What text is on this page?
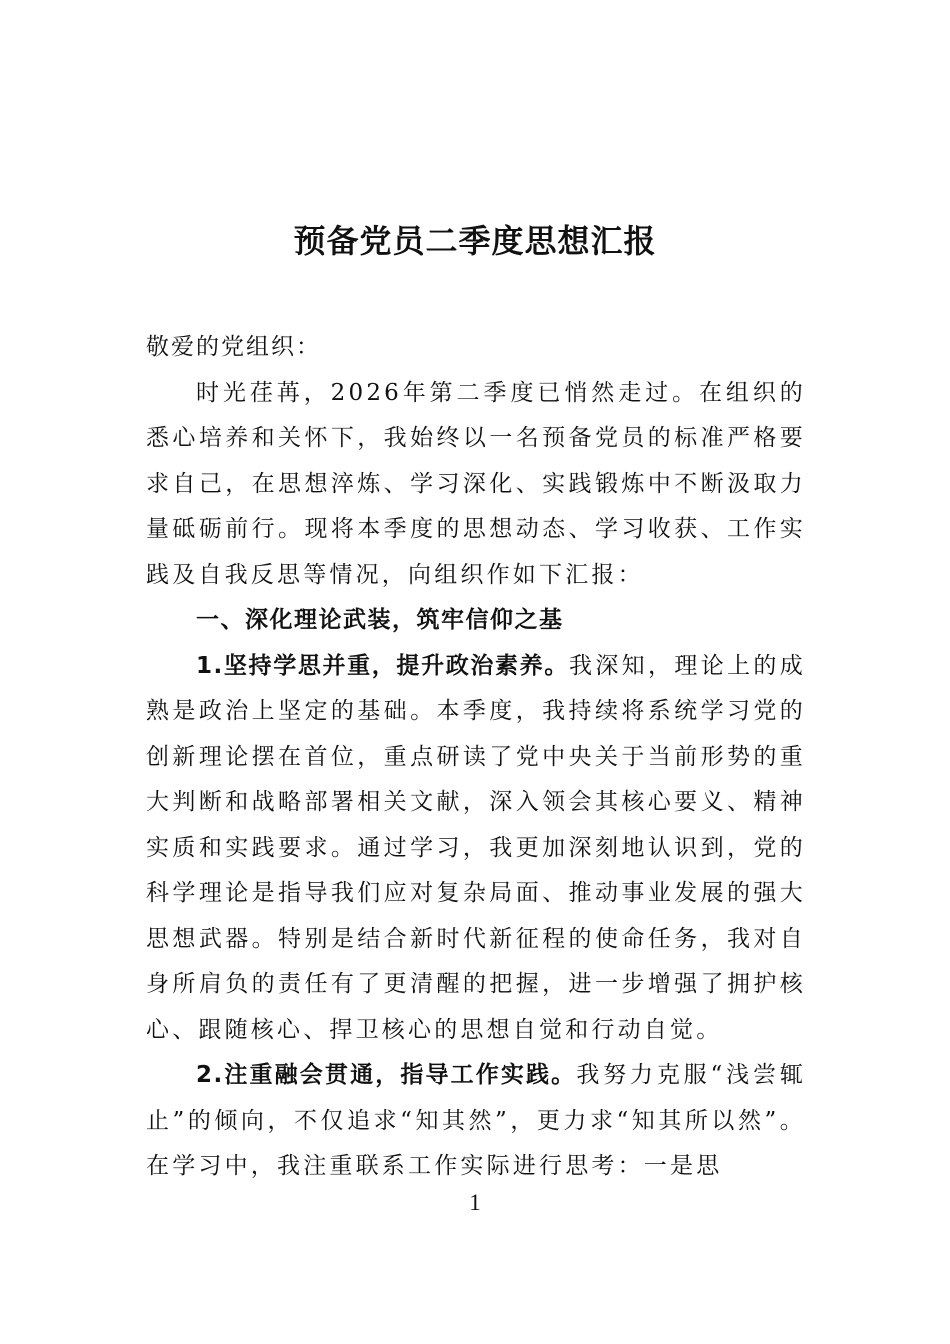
预备党员二季度思想汇报

敬爱的党组织：

时光荏苒，2026年第二季度已悄然走过。在组织的悉心培养和关怀下，我始终以一名预备党员的标准严格要求自己，在思想淬炼、学习深化、实践锻炼中不断汲取力量砥砺前行。现将本季度的思想动态、学习收获、工作实践及自我反思等情况，向组织作如下汇报：

一、深化理论武装，筑牢信仰之基

1.坚持学思并重，提升政治素养。我深知，理论上的成熟是政治上坚定的基础。本季度，我持续将系统学习党的创新理论摆在首位，重点研读了党中央关于当前形势的重大判断和战略部署相关文献，深入领会其核心要义、精神实质和实践要求。通过学习，我更加深刻地认识到，党的科学理论是指导我们应对复杂局面、推动事业发展的强大思想武器。特别是结合新时代新征程的使命任务，我对自身所肩负的责任有了更清醒的把握，进一步增强了拥护核心、跟随核心、捍卫核心的思想自觉和行动自觉。

2.注重融会贯通，指导工作实践。我努力克服“浅尝辄止”的倾向，不仅追求“知其然”，更力求“知其所以然”。在学习中，我注重联系工作实际进行思考：一是思

1
